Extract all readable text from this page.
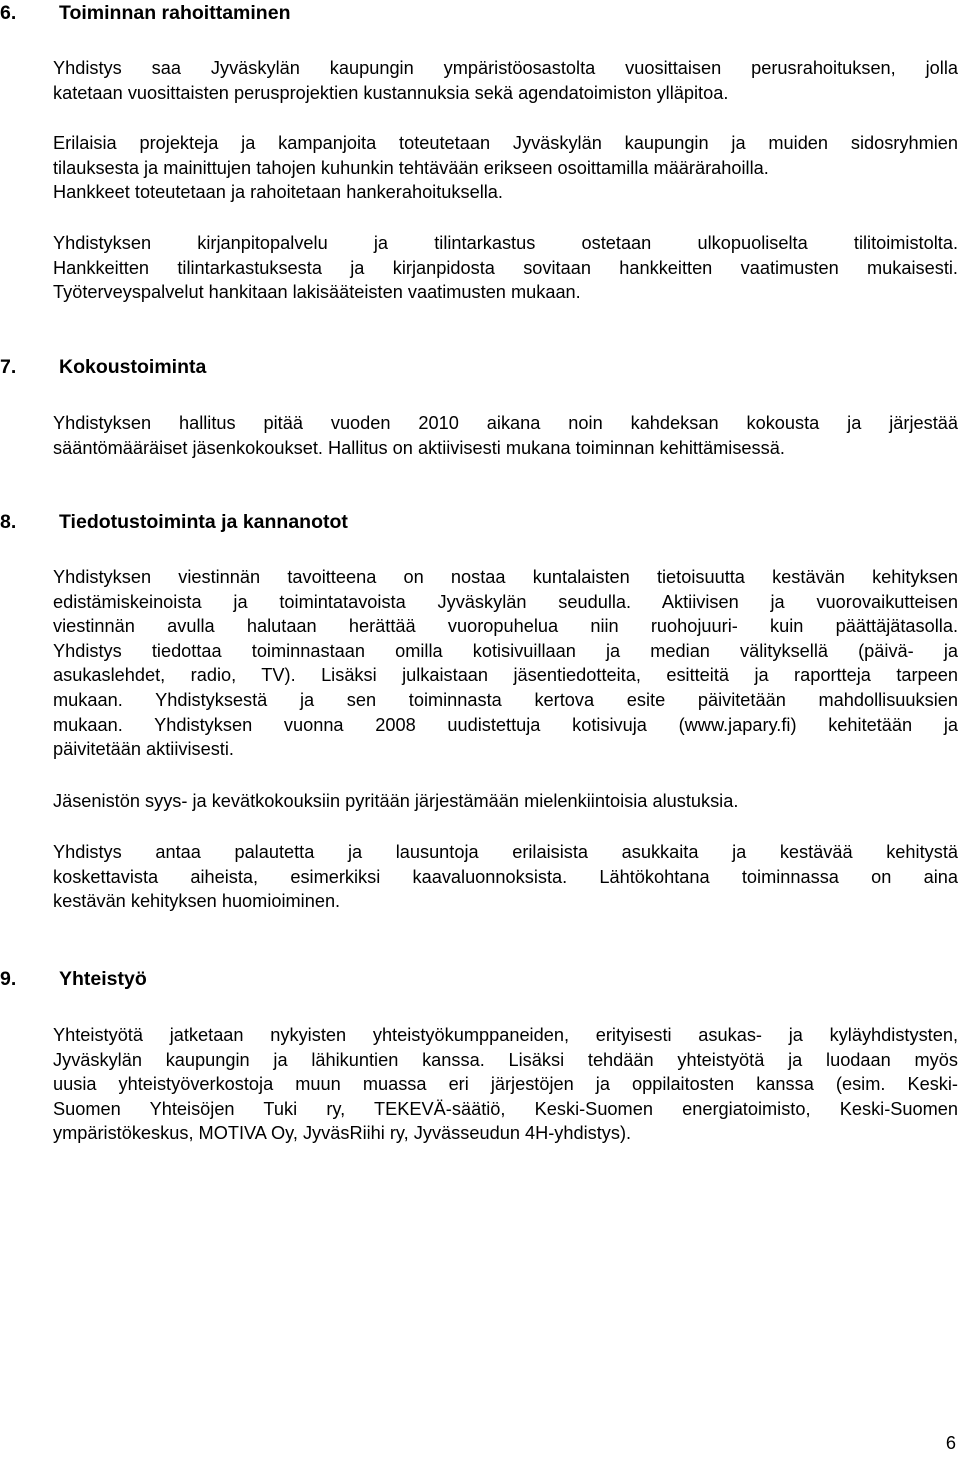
6. Toiminnan rahoittaminen

Yhdistys saa Jyväskylän kaupungin ympäristöosastolta vuosittaisen perusrahoituksen, jolla
katetaan vuosittaisten perusprojektien kustannuksia sekä agendatoimiston ylläpitoa.

Erilaisia projekteja ja kampanjoita toteutetaan Jyväskylän kaupungin ja muiden sidosryhmien
tilauksesta ja mainittujen tahojen kuhunkin tehtävään erikseen osoittamilla määrärahoilla.
Hankkeet toteutetaan ja rahoitetaan hankerahoituksella.

Yhdistyksen kirjanpitopalvelu ja tilintarkastus ostetaan ulkopuoliselta tilitoimistolta.
Hankkeitten tilintarkastuksesta ja kirjanpidosta sovitaan hankkeitten vaatimusten mukaisesti.
Työterveyspalvelut hankitaan lakisääteisten vaatimusten mukaan.

7. Kokoustoiminta

Yhdistyksen hallitus pitää vuoden 2010 aikana noin kahdeksan kokousta ja järjestää
sääntömääräiset jäsenkokoukset. Hallitus on aktiivisesti mukana toiminnan kehittämisessä.

8. Tiedotustoiminta ja kannanotot

Yhdistyksen viestinnän tavoitteena on nostaa kuntalaisten tietoisuutta kestävän kehityksen
edistämiskeinoista ja toimintatavoista Jyväskylän seudulla. Aktiivisen ja vuorovaikutteisen
viestinnän avulla halutaan herättää vuoropuhelua niin ruohojuuri- kuin päättäjätasolla.
Yhdistys tiedottaa toiminnastaan omilla kotisivuillaan ja median välityksellä (päivä- ja
asukaslehdet, radio, TV). Lisäksi julkaistaan jäsentiedotteita, esitteitä ja raportteja tarpeen
mukaan. Yhdistyksestä ja sen toiminnasta kertova esite päivitetään mahdollisuuksien
mukaan. Yhdistyksen vuonna 2008 uudistettuja kotisivuja (www.japary.fi) kehitetään ja
päivitetään aktiivisesti.

Jäsenistön syys- ja kevätkokouksiin pyritään järjestämään mielenkiintoisia alustuksia.

Yhdistys antaa palautetta ja lausuntoja erilaisista asukkaita ja kestävää kehitystä
koskettavista aiheista, esimerkiksi kaavaluonnoksista. Lähtökohtana toiminnassa on aina
kestävän kehityksen huomioiminen.

9. Yhteistyö

Yhteistyötä jatketaan nykyisten yhteistyökumppaneiden, erityisesti asukas- ja kyläyhdistysten,
Jyväskylän kaupungin ja lähikuntien kanssa. Lisäksi tehdään yhteistyötä ja luodaan myös
uusia yhteistyöverkostoja muun muassa eri järjestöjen ja oppilaitosten kanssa (esim. Keski-
Suomen Yhteisöjen Tuki ry, TEKEVÄ-säätiö, Keski-Suomen energiatoimisto, Keski-Suomen
ympäristökeskus, MOTIVA Oy, JyväsRiihi ry, Jyvässeudun 4H-yhdistys).

6
